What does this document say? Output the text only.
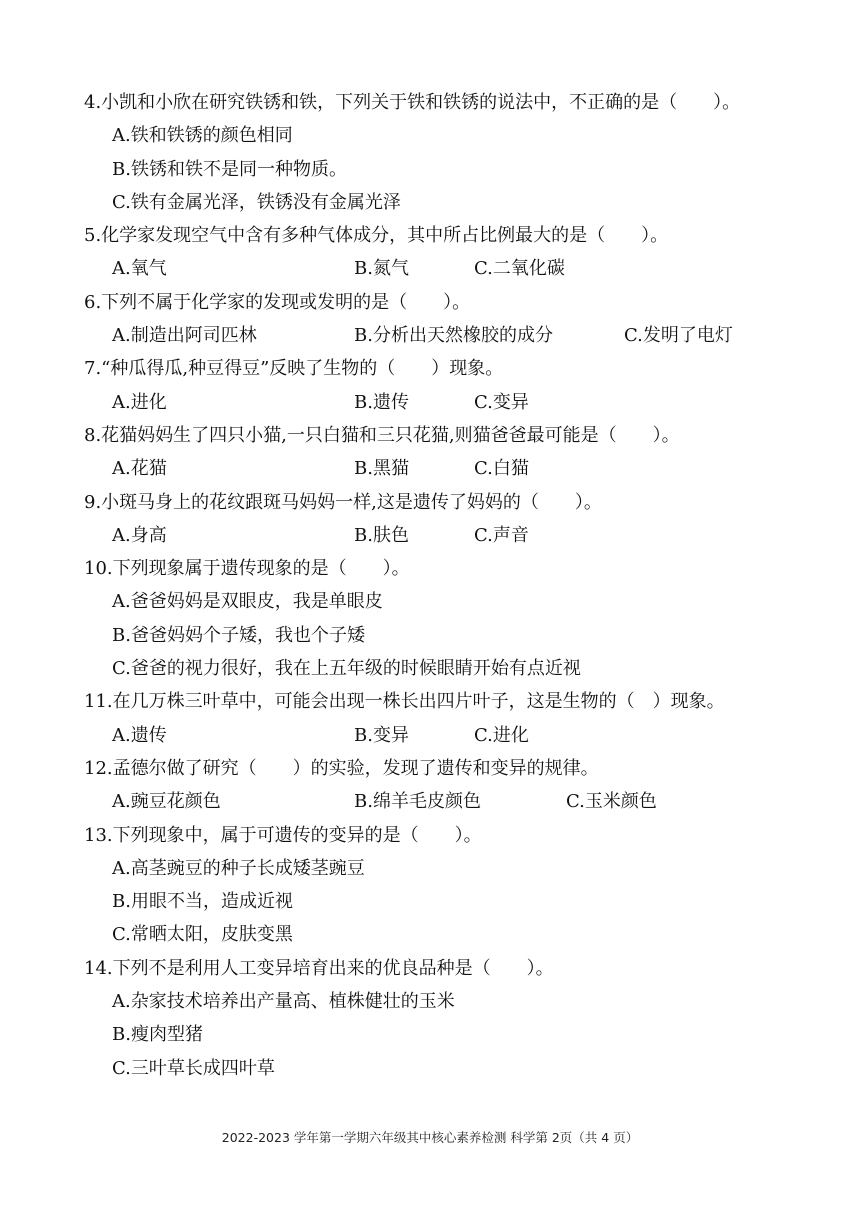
4.小凯和小欣在研究铁锈和铁，下列关于铁和铁锈的说法中，不正确的是（　　）。
A.铁和铁锈的颜色相同
B.铁锈和铁不是同一种物质。
C.铁有金属光泽，铁锈没有金属光泽
5.化学家发现空气中含有多种气体成分，其中所占比例最大的是（　　）。
A.氧气	B.氮气	C.二氧化碳
6.下列不属于化学家的发现或发明的是（　　）。
A.制造出阿司匹林	B.分析出天然橡胶的成分	C.发明了电灯
7.“种瓜得瓜,种豆得豆”反映了生物的（　　）现象。
A.进化	B.遗传	C.变异
8.花猫妈妈生了四只小猫,一只白猫和三只花猫,则猫爸爸最可能是（　　）。
A.花猫	B.黑猫	C.白猫
9.小斑马身上的花纹跟斑马妈妈一样,这是遗传了妈妈的（　　）。
A.身高	B.肤色	C.声音
10.下列现象属于遗传现象的是（　　）。
A.爸爸妈妈是双眼皮，我是单眼皮
B.爸爸妈妈个子矮，我也个子矮
C.爸爸的视力很好，我在上五年级的时候眼睛开始有点近视
11.在几万株三叶草中，可能会出现一株长出四片叶子，这是生物的（　）现象。
A.遗传	B.变异	C.进化
12.孟德尔做了研究（　　）的实验，发现了遗传和变异的规律。
A.豌豆花颜色	B.绵羊毛皮颜色	C.玉米颜色
13.下列现象中，属于可遗传的变异的是（　　）。
A.高茎豌豆的种子长成矮茎豌豆
B.用眼不当，造成近视
C.常晒太阳，皮肤变黑
14.下列不是利用人工变异培育出来的优良品种是（　　）。
A.杂家技术培养出产量高、植株健壮的玉米
B.瘦肉型猪
C.三叶草长成四叶草
2022-2023 学年第一学期六年级其中核心素养检测 科学第 2页（共 4 页）
